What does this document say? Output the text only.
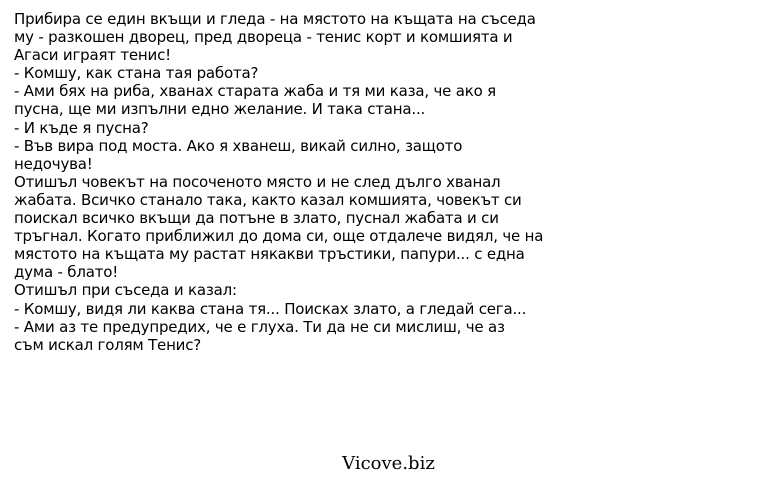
Прибира се един вкъщи и гледа - на мястото на къщата на съседа
му - разкошен дворец, пред двореца - тенис корт и комшията и
Агаси играят тенис!
- Комшу, как стана тая работа?
- Ами бях на риба, хванах старата жаба и тя ми каза, че ако я
пусна, ще ми изпълни едно желание. И така стана...
- И къде я пусна?
- Във вира под моста. Ако я хванеш, викай силно, защото
недочува!
Отишъл човекът на посоченото място и не след дълго хванал
жабата. Всичко станало така, както казал комшията, човекът си
поискал всичко вкъщи да потъне в злато, пуснал жабата и си
тръгнал. Когато приближил до дома си, още отдалече видял, че на
мястото на къщата му растат някакви тръстики, папури... с една
дума - блато!
Отишъл при съседа и казал:
- Комшу, видя ли каква стана тя... Поисках злато, а гледай сега...
- Ами аз те предупредих, че е глуха. Ти да не си мислиш, че аз
съм искал голям Тенис?
Vicove.biz
